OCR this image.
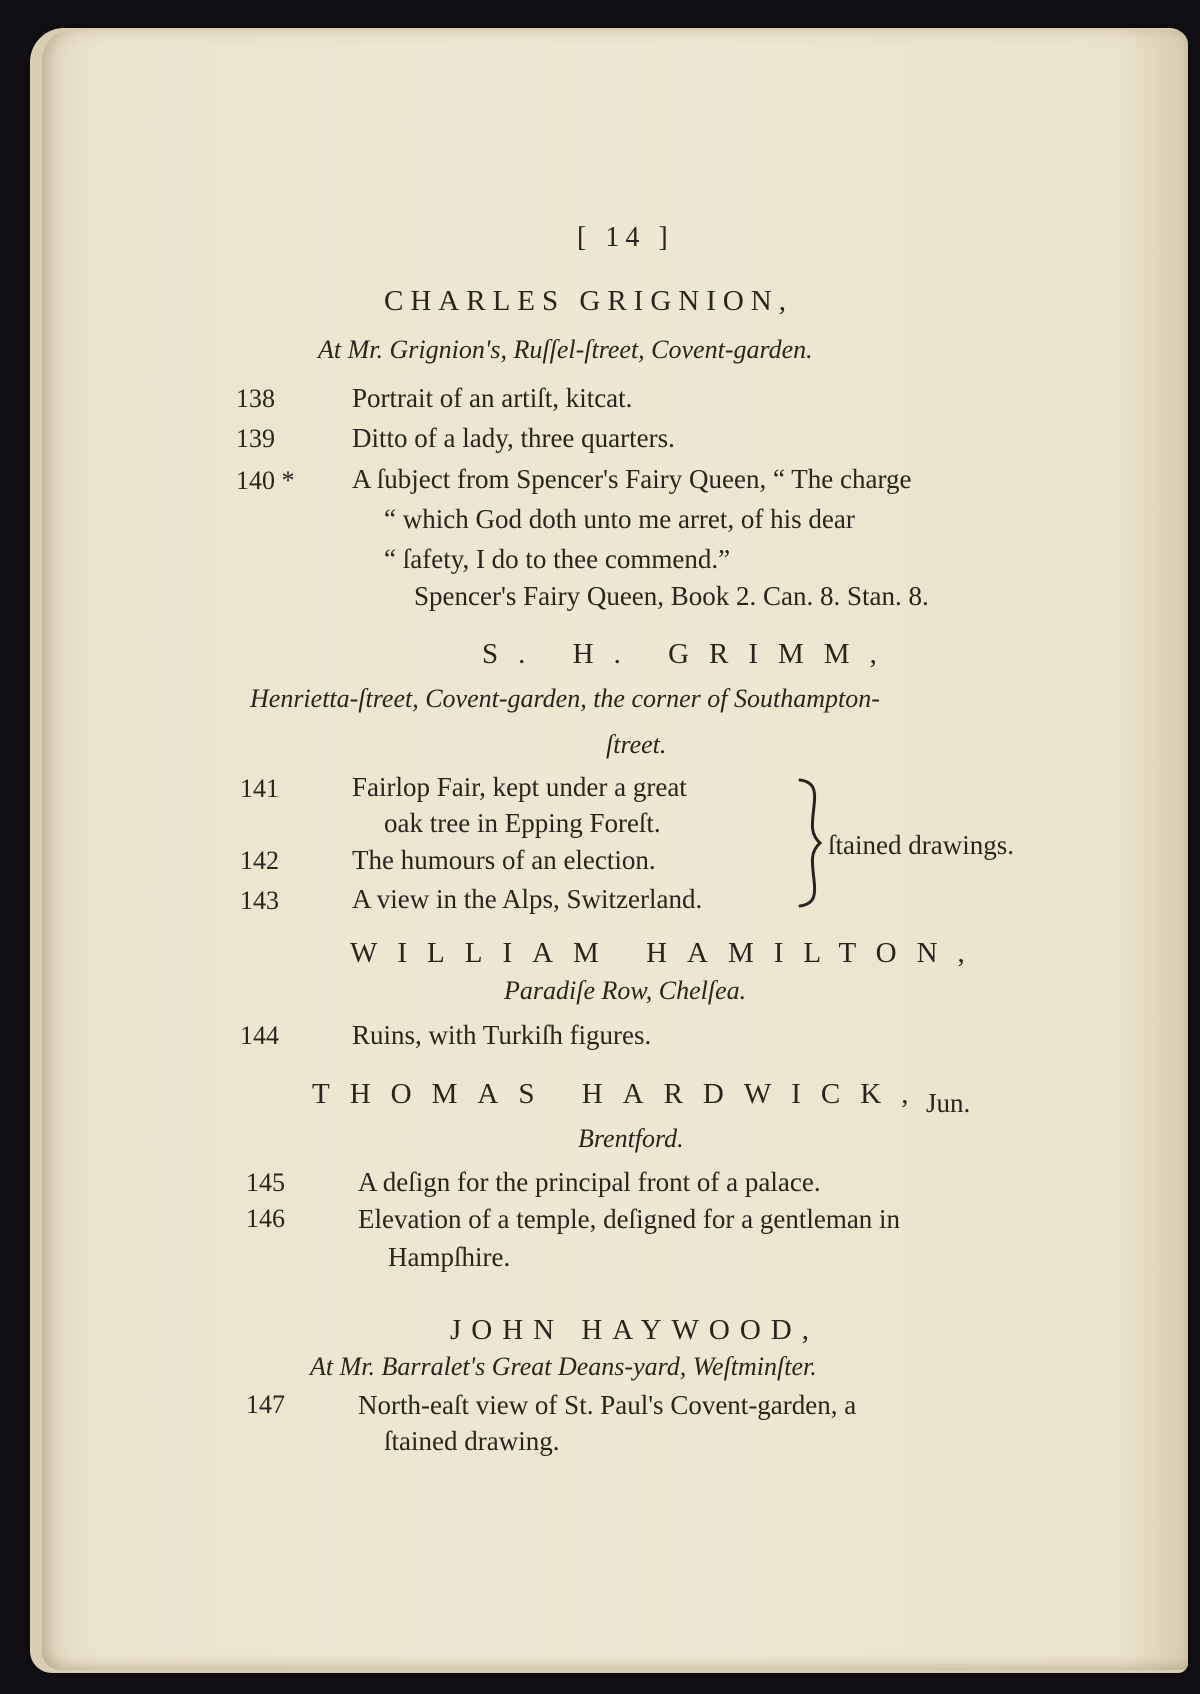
[ 14 ]
CHARLES GRIGNION,
At Mr. Grignion's, Ruſſel-ſtreet, Covent-garden.
138	Portrait of an artiſt, kitcat.
139	Ditto of a lady, three quarters.
140 * A ſubject from Spencer's Fairy Queen, “ The charge
“ which God doth unto me arret, of his dear
“ ſafety, I do to thee commend.”
Spencer's Fairy Queen, Book 2. Can. 8. Stan. 8.
S. H. GRIMM,
Henrietta-ſtreet, Covent-garden, the corner of Southampton-
ſtreet.
141	Fairlop Fair, kept under a great
oak tree in Epping Foreſt.
142	The humours of an election.
143	A view in the Alps, Switzerland.
ſtained drawings.
WILLIAM HAMILTON,
Paradiſe Row, Chelſea.
144	Ruins, with Turkiſh figures.
THOMAS HARDWICK,
Jun.
Brentford.
145	A deſign for the principal front of a palace.
146	Elevation of a temple, deſigned for a gentleman in
Hampſhire.
JOHN HAYWOOD,
At Mr. Barralet's Great Deans-yard, Weſtminſter.
147	North-eaſt view of St. Paul's Covent-garden, a
ſtained drawing.
